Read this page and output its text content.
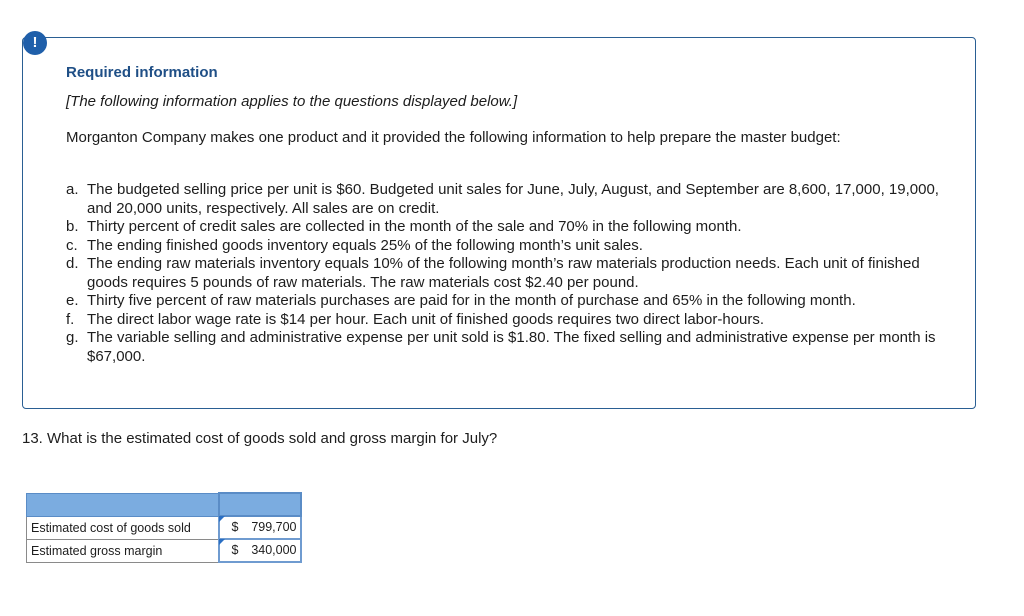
Required information
[The following information applies to the questions displayed below.]
Morganton Company makes one product and it provided the following information to help prepare the master budget:
a. The budgeted selling price per unit is $60. Budgeted unit sales for June, July, August, and September are 8,600, 17,000, 19,000, and 20,000 units, respectively. All sales are on credit.
b. Thirty percent of credit sales are collected in the month of the sale and 70% in the following month.
c. The ending finished goods inventory equals 25% of the following month’s unit sales.
d. The ending raw materials inventory equals 10% of the following month’s raw materials production needs. Each unit of finished goods requires 5 pounds of raw materials. The raw materials cost $2.40 per pound.
e. Thirty five percent of raw materials purchases are paid for in the month of purchase and 65% in the following month.
f. The direct labor wage rate is $14 per hour. Each unit of finished goods requires two direct labor-hours.
g. The variable selling and administrative expense per unit sold is $1.80. The fixed selling and administrative expense per month is $67,000.
!
13. What is the estimated cost of goods sold and gross margin for July?

Estimated cost of goods sold	$ 799,700

Estimated gross margin	$ 340,000
